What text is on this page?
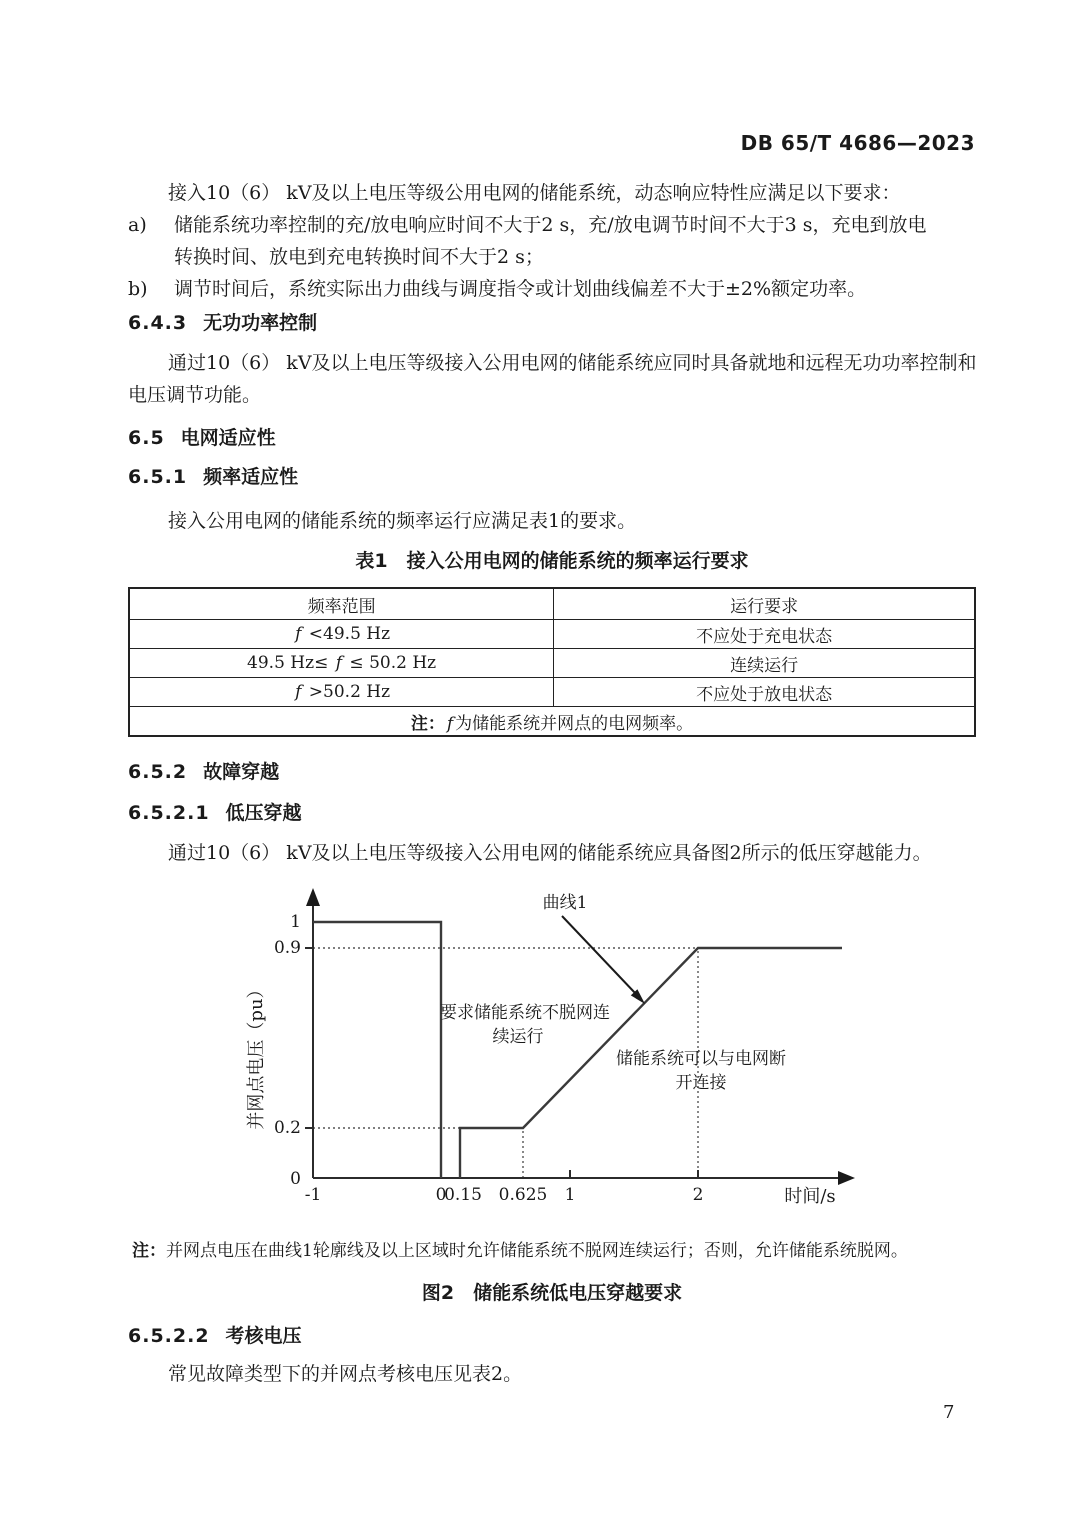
DB 65/T 4686—2023
接入10（6） kV及以上电压等级公用电网的储能系统，动态响应特性应满足以下要求：
a)	储能系统功率控制的充/放电响应时间不大于2 s，充/放电调节时间不大于3 s，充电到放电
转换时间、放电到充电转换时间不大于2 s；
b)	调节时间后，系统实际出力曲线与调度指令或计划曲线偏差不大于±2%额定功率。
6.4.3 无功功率控制
通过10（6） kV及以上电压等级接入公用电网的储能系统应同时具备就地和远程无功功率控制和
电压调节功能。
6.5 电网适应性
6.5.1 频率适应性
接入公用电网的储能系统的频率运行应满足表1的要求。
表1　接入公用电网的储能系统的频率运行要求
频率范围	运行要求
f <49.5 Hz	不应处于充电状态
49.5 Hz≤ f ≤ 50.2 Hz	连续运行
f >50.2 Hz	不应处于放电状态
注： f 为储能系统并网点的电网频率。	
6.5.2 故障穿越
6.5.2.1 低压穿越
通过10（6） kV及以上电压等级接入公用电网的储能系统应具备图2所示的低压穿越能力。
曲线1
1
0.9
0.2
0
-1	0
0.15 0.625 1	2	时间/s
并网点电压（pu）	要求储能系统不脱网连
续运行
储能系统可以与电网断
开连接
注：并网点电压在曲线1轮廓线及以上区域时允许储能系统不脱网连续运行；否则，允许储能系统脱网。
图2　储能系统低电压穿越要求
6.5.2.2 考核电压
常见故障类型下的并网点考核电压见表2。
7
